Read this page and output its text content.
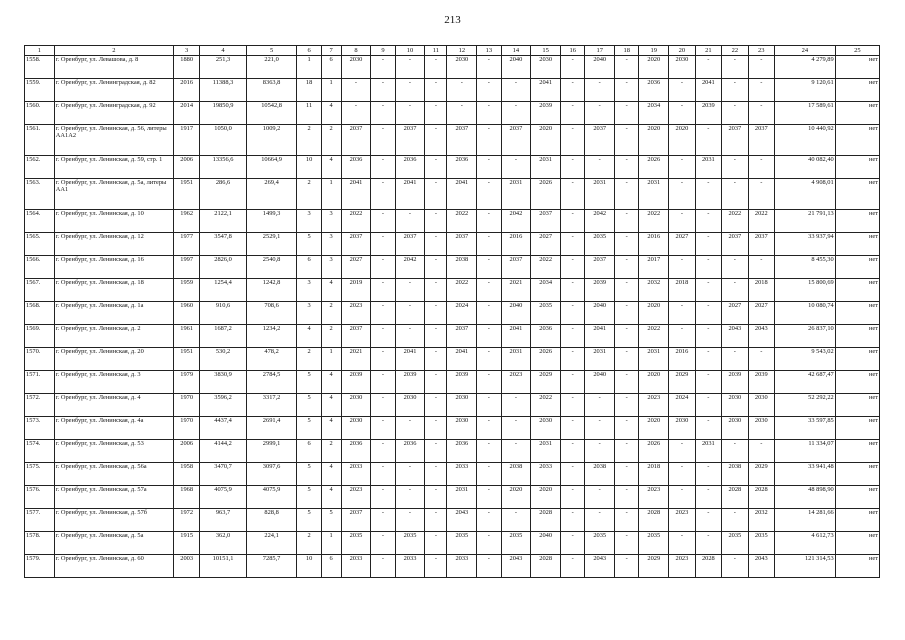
213
1	2	3	4	5	6	7	8	9	10	11	12	13	14	15	16	17	18	19	20	21	22	23	24	25
1558.	г. Оренбург, ул. Левашова, д. 8	1880	251,3	221,0	1	6	2030	-	-	-	2030	-	2040	2030	-	2040	-	2020	2030	-	-	-	4 279,89	нет
1559.	г. Оренбург, ул. Ленинградская, д. 82	2016	11388,3	8363,8	18	1	-	-	-	-	-	-	-	2041	-	-	-	2036	-	2041	-	-	9 120,61	нет
1560.	г. Оренбург, ул. Ленинградская, д. 92	2014	19850,9	10542,8	11	4	-	-	-	-	-	-	-	2039	-	-	-	2034	-	2039	-	-	17 589,61	нет
1561.	г. Оренбург, ул. Ленинская, д. 56, литеры АА1А2	1917	1050,0	1009,2	2	2	2037	-	2037	-	2037	-	2037	2020	-	2037	-	2020	2020	-	2037	2037	10 440,92	нет
1562.	г. Оренбург, ул. Ленинская, д. 59, стр. 1	2006	13356,6	10664,9	10	4	2036	-	2036	-	2036	-	-	2031	-	-	-	2026	-	2031	-	-	40 082,40	нет
1563.	г. Оренбург, ул. Ленинская, д. 5а, литеры АА1	1951	286,6	269,4	2	1	2041	-	2041	-	2041	-	2031	2026	-	2031	-	2031	-	-	-	-	4 908,01	нет
1564.	г. Оренбург, ул. Ленинская, д. 10	1962	2122,1	1499,3	3	3	2022	-	-	-	2022	-	2042	2037	-	2042	-	2022	-	-	2022	2022	21 791,13	нет
1565.	г. Оренбург, ул. Ленинская, д. 12	1977	3547,8	2529,1	5	3	2037	-	2037	-	2037	-	2016	2027	-	2035	-	2016	2027	-	2037	2037	33 937,94	нет
1566.	г. Оренбург, ул. Ленинская, д. 16	1997	2826,0	2540,8	6	3	2027	-	2042	-	2038	-	2037	2022	-	2037	-	2017	-	-	-	-	8 455,30	нет
1567.	г. Оренбург, ул. Ленинская, д. 18	1959	1254,4	1242,8	3	4	2019	-	-	-	2022	-	2021	2034	-	2039	-	2032	2018	-	-	2018	15 800,69	нет
1568.	г. Оренбург, ул. Ленинская, д. 1а	1960	910,6	708,6	3	2	2023	-	-	-	2024	-	2040	2035	-	2040	-	2020	-	-	2027	2027	10 080,74	нет
1569.	г. Оренбург, ул. Ленинская, д. 2	1961	1687,2	1234,2	4	2	2037	-	-	-	2037	-	2041	2036	-	2041	-	2022	-	-	2043	2043	26 837,10	нет
1570.	г. Оренбург, ул. Ленинская, д. 20	1951	530,2	478,2	2	1	2021	-	2041	-	2041	-	2031	2026	-	2031	-	2031	2016	-	-	-	9 543,02	нет
1571.	г. Оренбург, ул. Ленинская, д. 3	1979	3830,9	2784,5	5	4	2039	-	2039	-	2039	-	2023	2029	-	2040	-	2020	2029	-	2039	2039	42 687,47	нет
1572.	г. Оренбург, ул. Ленинская, д. 4	1970	3596,2	3317,2	5	4	2030	-	2030	-	2030	-	-	2022	-	-	-	2023	2024	-	2030	2030	52 292,22	нет
1573.	г. Оренбург, ул. Ленинская, д. 4а	1970	4437,4	2691,4	5	4	2030	-	-	-	2030	-	-	2030	-	-	-	2020	2030	-	2030	2030	33 597,85	нет
1574.	г. Оренбург, ул. Ленинская, д. 53	2006	4144,2	2999,1	6	2	2036	-	2036	-	2036	-	-	2031	-	-	-	2026	-	2031	-	-	11 334,07	нет
1575.	г. Оренбург, ул. Ленинская, д. 56а	1958	3470,7	3097,6	5	4	2033	-	-	-	2033	-	2038	2033	-	2038	-	2018	-	-	2038	2029	33 941,48	нет
1576.	г. Оренбург, ул. Ленинская, д. 57а	1968	4075,9	4075,9	5	4	2023	-	-	-	2031	-	2020	2020	-	-	-	2023	-	-	2028	2028	48 898,90	нет
1577.	г. Оренбург, ул. Ленинская, д. 57б	1972	963,7	828,8	5	5	2037	-	-	-	2043	-	-	2028	-	-	-	2028	2023	-	-	2032	14 281,66	нет
1578.	г. Оренбург, ул. Ленинская, д. 5а	1915	362,0	224,1	2	1	2035	-	2035	-	2035	-	2035	2040	-	2035	-	2035	-	-	2035	2035	4 612,73	нет
1579.	г. Оренбург, ул. Ленинская, д. 60	2003	10151,1	7285,7	10	6	2033	-	2033	-	2033	-	2043	2028	-	2043	-	2029	2023	2028	-	2043	121 314,53	нет
